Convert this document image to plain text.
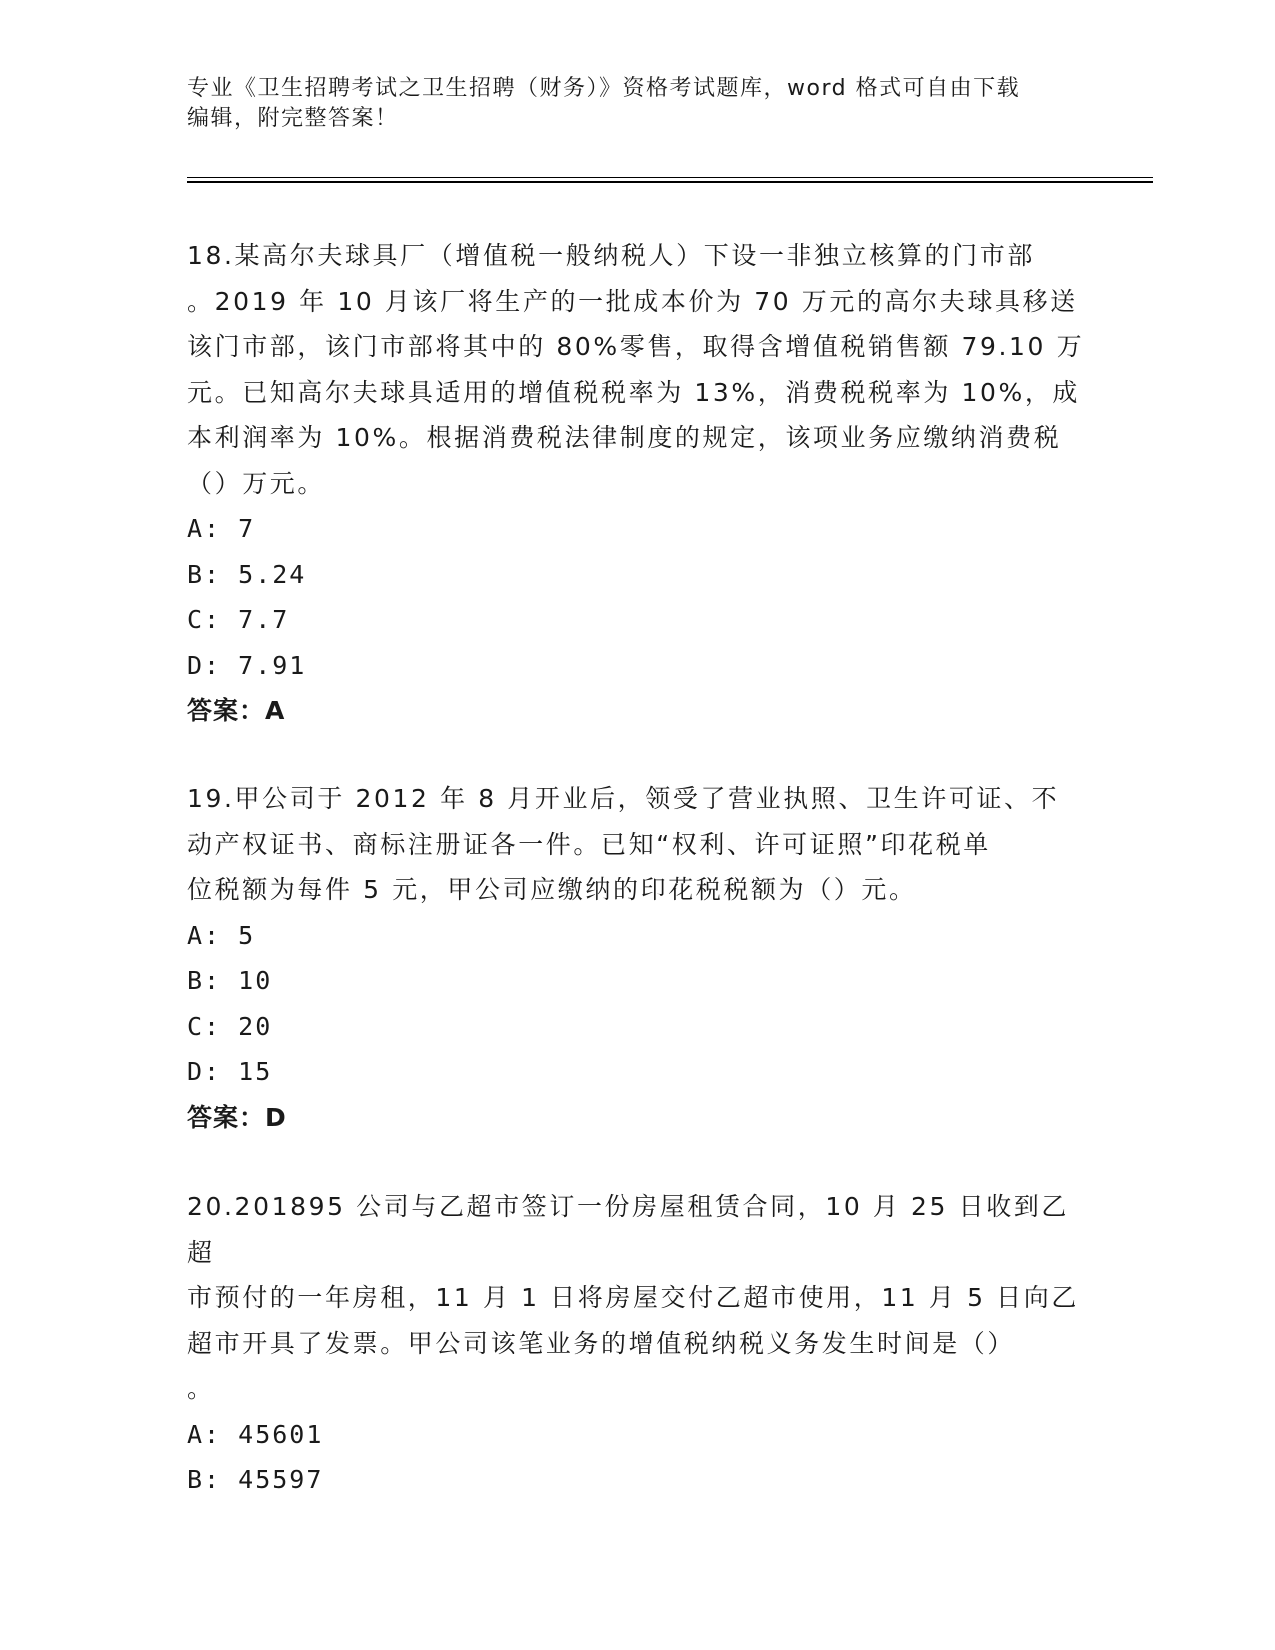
专业《卫生招聘考试之卫生招聘（财务）》资格考试题库，word 格式可自由下载
编辑，附完整答案！
18.某高尔夫球具厂（增值税一般纳税人）下设一非独立核算的门市部
。2019 年 10 月该厂将生产的一批成本价为 70 万元的高尔夫球具移送
该门市部，该门市部将其中的 80%零售，取得含增值税销售额 79.10 万
元。已知高尔夫球具适用的增值税税率为 13%，消费税税率为 10%，成
本利润率为 10%。根据消费税法律制度的规定，该项业务应缴纳消费税
（）万元。
A: 7
B: 5.24
C: 7.7
D: 7.91
答案：A
19.甲公司于 2012 年 8 月开业后，领受了营业执照、卫生许可证、不
动产权证书、商标注册证各一件。已知“权利、许可证照”印花税单
位税额为每件 5 元，甲公司应缴纳的印花税税额为（）元。
A: 5
B: 10
C: 20
D: 15
答案：D
20.201895 公司与乙超市签订一份房屋租赁合同，10 月 25 日收到乙超
市预付的一年房租，11 月 1 日将房屋交付乙超市使用，11 月 5 日向乙
超市开具了发票。甲公司该笔业务的增值税纳税义务发生时间是（）
。
A: 45601
B: 45597
